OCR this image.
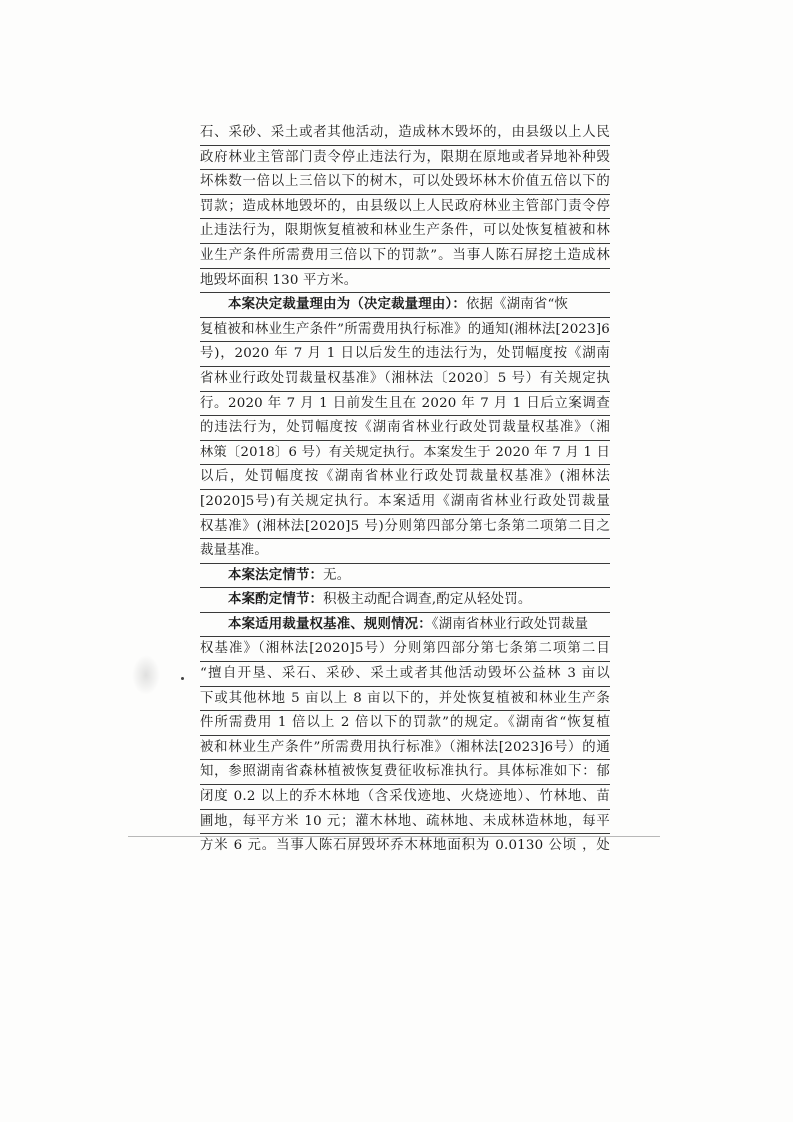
石、采砂、采土或者其他活动，造成林木毁坏的，由县级以上人民
政府林业主管部门责令停止违法行为，限期在原地或者异地补种毁
坏株数一倍以上三倍以下的树木，可以处毁坏林木价值五倍以下的
罚款；造成林地毁坏的，由县级以上人民政府林业主管部门责令停
止违法行为，限期恢复植被和林业生产条件，可以处恢复植被和林
业生产条件所需费用三倍以下的罚款”。当事人陈石屏挖土造成林
地毁坏面积 130 平方米。
本案决定裁量理由为（决定裁量理由）：依据《湖南省“恢
复植被和林业生产条件”所需费用执行标准》的通知(湘林法[2023]6
号)，2020 年 7 月 1 日以后发生的违法行为，处罚幅度按《湖南
省林业行政处罚裁量权基准》（湘林法〔2020〕5 号）有关规定执
行。2020 年 7 月 1 日前发生且在 2020 年 7 月 1 日后立案调查
的违法行为，处罚幅度按《湖南省林业行政处罚裁量权基准》（湘
林策〔2018〕6 号）有关规定执行。本案发生于 2020 年 7 月 1 日
以后，处罚幅度按《湖南省林业行政处罚裁量权基准》(湘林法
[2020]5号)有关规定执行。本案适用《湖南省林业行政处罚裁量
权基准》(湘林法[2020]5 号)分则第四部分第七条第二项第二目之
裁量基准。
本案法定情节：无。
本案酌定情节：积极主动配合调查,酌定从轻处罚。
本案适用裁量权基准、规则情况：《湖南省林业行政处罚裁量
权基准》（湘林法[2020]5号）分则第四部分第七条第二项第二目
“擅自开垦、采石、采砂、采土或者其他活动毁坏公益林 3 亩以
下或其他林地 5 亩以上 8 亩以下的，并处恢复植被和林业生产条
件所需费用 1 倍以上 2 倍以下的罚款”的规定。《湖南省“恢复植
被和林业生产条件”所需费用执行标准》（湘林法[2023]6号）的通
知，参照湖南省森林植被恢复费征收标准执行。具体标准如下：郁
闭度 0.2 以上的乔木林地（含采伐迹地、火烧迹地）、竹林地、苗
圃地，每平方米 10 元；灌木林地、疏林地、未成林造林地，每平
方米 6 元。当事人陈石屏毁坏乔木林地面积为 0.0130 公顷 ，处
